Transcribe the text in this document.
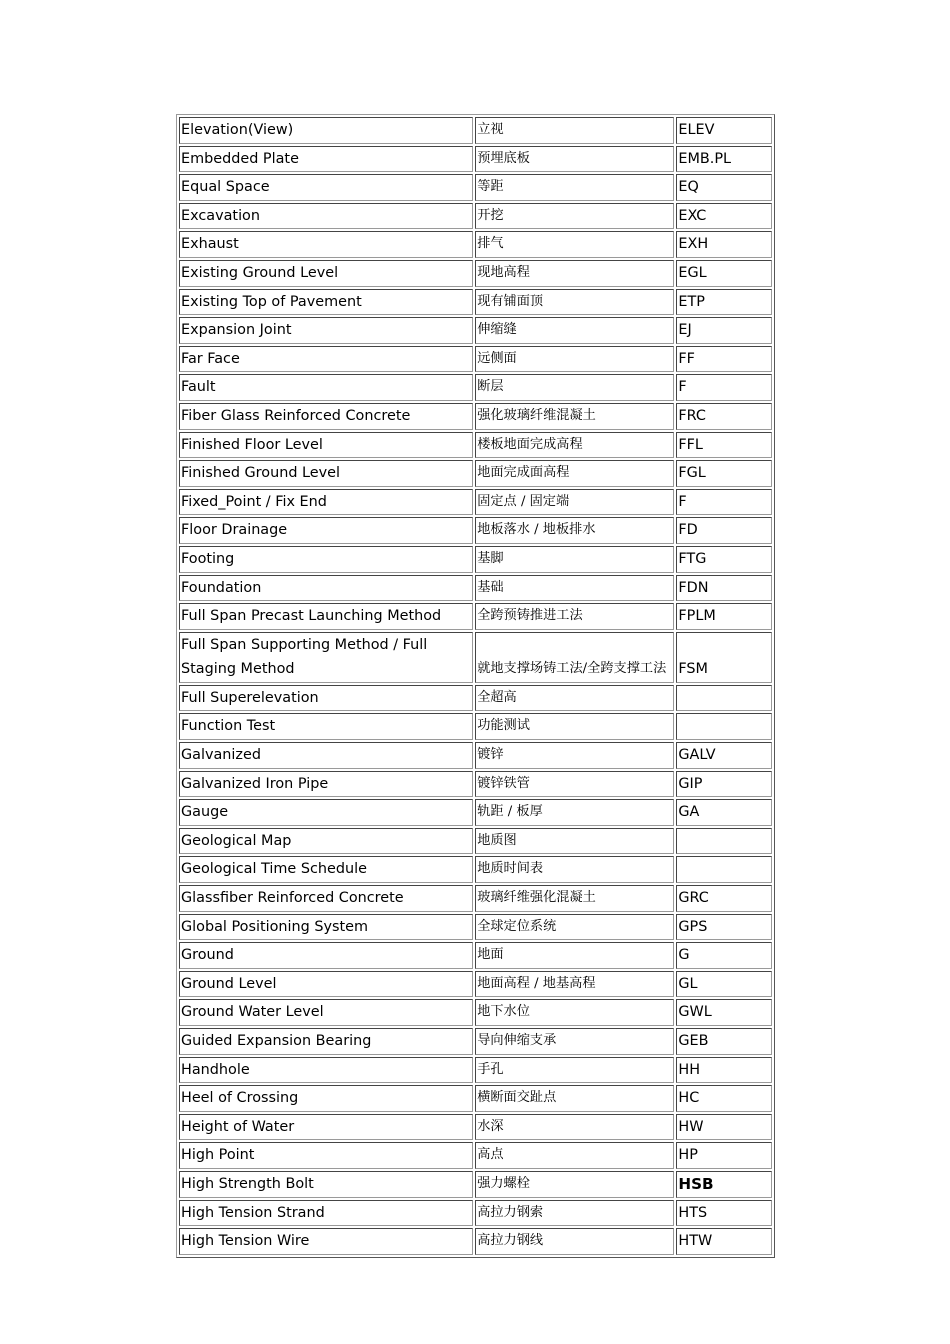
Elevation(View)	立视	ELEV
Embedded Plate	预埋底板	EMB.PL
Equal Space	等距	EQ
Excavation	开挖	EXC
Exhaust	排气	EXH
Existing Ground Level	现地高程	EGL
Existing Top of Pavement	现有铺面顶	ETP
Expansion Joint	伸缩缝	EJ
Far Face	远侧面	FF
Fault	断层	F
Fiber Glass Reinforced Concrete	强化玻璃纤维混凝土	FRC
Finished Floor Level	楼板地面完成高程	FFL
Finished Ground Level	地面完成面高程	FGL
Fixed_Point / Fix End	固定点 / 固定端	F
Floor Drainage	地板落水 / 地板排水	FD
Footing	基脚	FTG
Foundation	基础	FDN
Full Span Precast Launching Method	全跨预铸推进工法	FPLM
Full Span Supporting Method / Full Staging Method	就地支撑场铸工法/全跨支撑工法	FSM
Full Superelevation	全超高	
Function Test	功能测试	
Galvanized	镀锌	GALV
Galvanized Iron Pipe	镀锌铁管	GIP
Gauge	轨距 / 板厚	GA
Geological Map	地质图	
Geological Time Schedule	地质时间表	
Glassfiber Reinforced Concrete	玻璃纤维强化混凝土	GRC
Global Positioning System	全球定位系统	GPS
Ground	地面	G
Ground Level	地面高程 / 地基高程	GL
Ground Water Level	地下水位	GWL
Guided Expansion Bearing	导向伸缩支承	GEB
Handhole	手孔	HH
Heel of Crossing	横断面交趾点	HC
Height of Water	水深	HW
High Point	高点	HP
High Strength Bolt	强力螺栓	HSB
High Tension Strand	高拉力钢索	HTS
High Tension Wire	高拉力钢线	HTW
